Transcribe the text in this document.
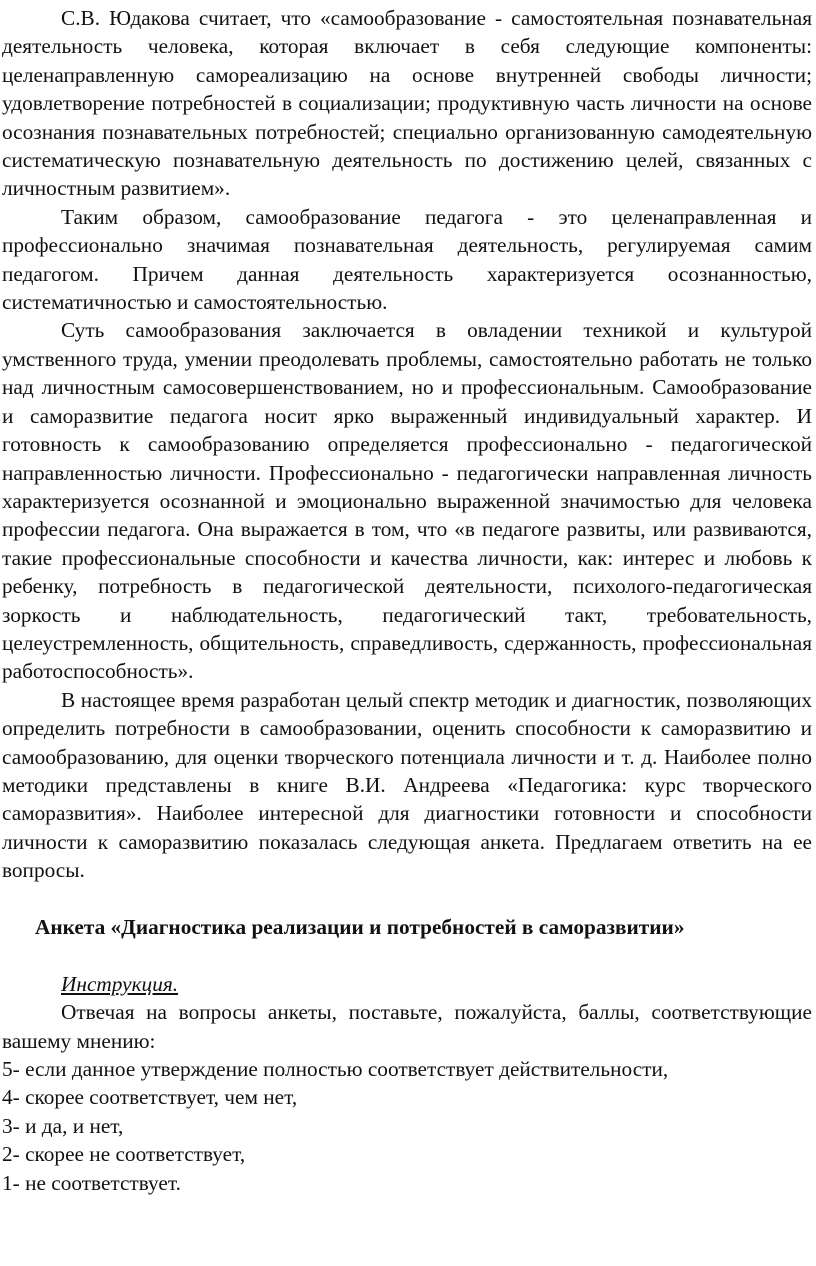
С.В. Юдакова считает, что «самообразование - самостоятельная познавательная деятельность человека, которая включает в себя следующие компоненты: целенаправленную самореализацию на основе внутренней свободы личности; удовлетворение потребностей в социализации; продуктивную часть личности на основе осознания познавательных потребностей; специально организованную самодеятельную систематическую познавательную деятельность по достижению целей, связанных с личностным развитием».

Таким образом, самообразование педагога - это целенаправленная и профессионально значимая познавательная деятельность, регулируемая самим педагогом. Причем данная деятельность характеризуется осознанностью, систематичностью и самостоятельностью.

Суть самообразования заключается в овладении техникой и культурой умственного труда, умении преодолевать проблемы, самостоятельно работать не только над личностным самосовершенствованием, но и профессиональным. Самообразование и саморазвитие педагога носит ярко выраженный индивидуальный характер. И готовность к самообразованию определяется профессионально - педагогической направленностью личности. Профессионально - педагогически направленная личность характеризуется осознанной и эмоционально выраженной значимостью для человека профессии педагога. Она выражается в том, что «в педагоге развиты, или развиваются, такие профессиональные способности и качества личности, как: интерес и любовь к ребенку, потребность в педагогической деятельности, психолого-педагогическая зоркость и наблюдательность, педагогический такт, требовательность, целеустремленность, общительность, справедливость, сдержанность, профессиональная работоспособность».

В настоящее время разработан целый спектр методик и диагностик, позволяющих определить потребности в самообразовании, оценить способности к саморазвитию и самообразованию, для оценки творческого потенциала личности и т. д. Наиболее полно методики представлены в книге В.И. Андреева «Педагогика: курс творческого саморазвития». Наиболее интересной для диагностики готовности и способности личности к саморазвитию показалась следующая анкета. Предлагаем ответить на ее вопросы.

Анкета «Диагностика реализации и потребностей в саморазвитии»

Инструкция.

Отвечая на вопросы анкеты, поставьте, пожалуйста, баллы, соответствующие вашему мнению:

5- если данное утверждение полностью соответствует действительности,
4- скорее соответствует, чем нет,
3- и да, и нет,
2- скорее не соответствует,
1- не соответствует.
